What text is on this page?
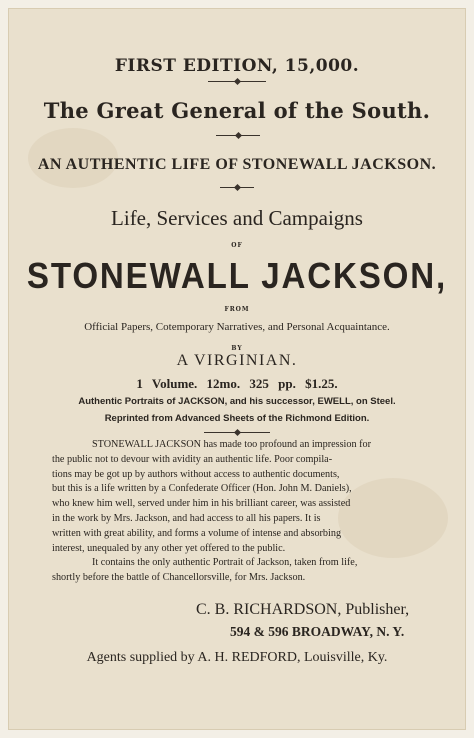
FIRST EDITION, 15,000.
The Great General of the South.
AN AUTHENTIC LIFE OF STONEWALL JACKSON.
Life, Services and Campaigns
OF
STONEWALL JACKSON,
FROM
Official Papers, Cotemporary Narratives, and Personal Acquaintance.
BY
A VIRGINIAN.
1 Volume. 12mo. 325 pp. $1.25.
Authentic Portraits of JACKSON, and his successor, EWELL, on Steel.
Reprinted from Advanced Sheets of the Richmond Edition.
STONEWALL JACKSON has made too profound an impression for
the public not to devour with avidity an authentic life. Poor compila-
tions may be got up by authors without access to authentic documents,
but this is a life written by a Confederate Officer (Hon. John M. Daniels),
who knew him well, served under him in his brilliant career, was assisted
in the work by Mrs. Jackson, and had access to all his papers. It is
written with great ability, and forms a volume of intense and absorbing
interest, unequaled by any other yet offered to the public.
It contains the only authentic Portrait of Jackson, taken from life,
shortly before the battle of Chancellorsville, for Mrs. Jackson.
C. B. RICHARDSON, Publisher,
594 & 596 BROADWAY, N. Y.
Agents supplied by A. H. REDFORD, Louisville, Ky.
